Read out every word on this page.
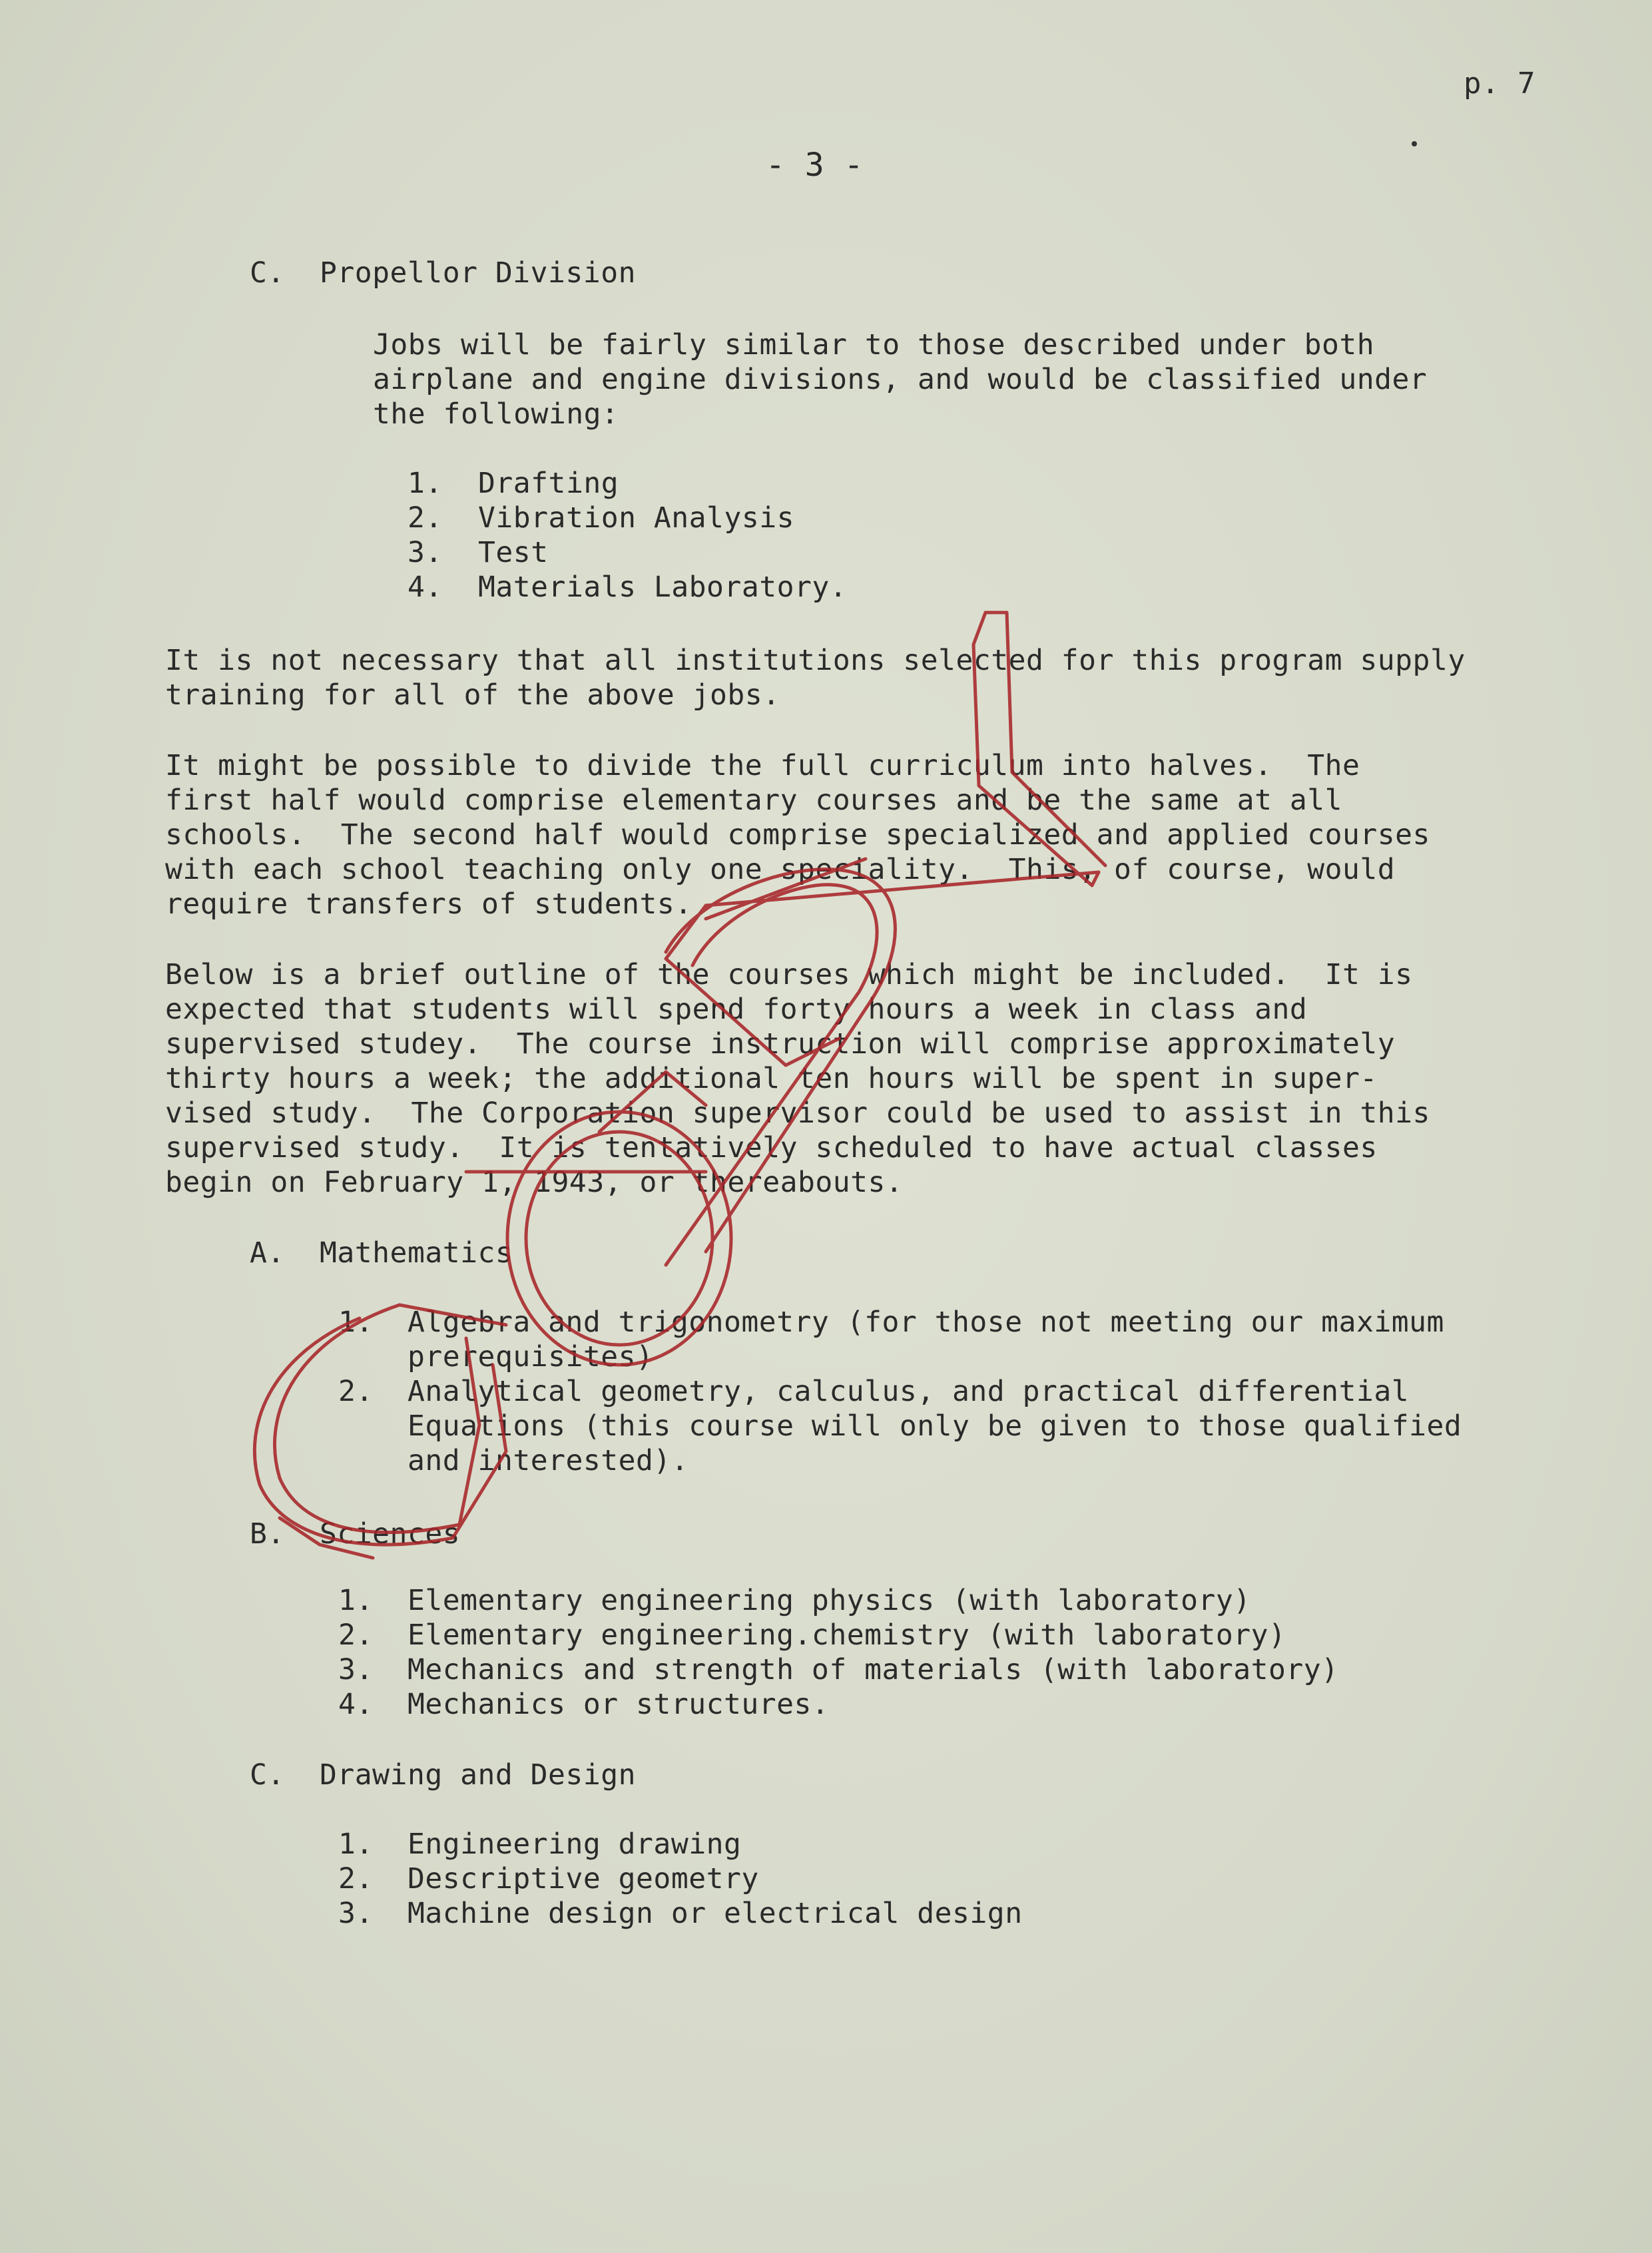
p. 7
- 3 -
C. Propellor Division
Jobs will be fairly similar to those described under both
airplane and engine divisions, and would be classified under
the following:
1. Drafting
2. Vibration Analysis
3. Test
4. Materials Laboratory.
It is not necessary that all institutions selected for this program supply
training for all of the above jobs.
It might be possible to divide the full curriculum into halves.  The
first half would comprise elementary courses and be the same at all
schools.  The second half would comprise specialized and applied courses
with each school teaching only one speciality.  This, of course, would
require transfers of students.
Below is a brief outline of the courses which might be included.  It is
expected that students will spend forty hours a week in class and
supervised studey.  The course instruction will comprise approximately
thirty hours a week; the additional ten hours will be spent in super-
vised study.  The Corporation supervisor could be used to assist in this
supervised study.  It is tentatively scheduled to have actual classes
begin on February 1, 1943, or thereabouts.
A. Mathematics
1. Algebra and trigonometry (for those not meeting our maximum
prerequisites)
2. Analytical geometry, calculus, and practical differential
Equations (this course will only be given to those qualified
and interested).
B. Sciences
1. Elementary engineering physics (with laboratory)
2. Elementary engineering.chemistry (with laboratory)
3. Mechanics and strength of materials (with laboratory)
4. Mechanics or structures.
C. Drawing and Design
1. Engineering drawing
2. Descriptive geometry
3. Machine design or electrical design
